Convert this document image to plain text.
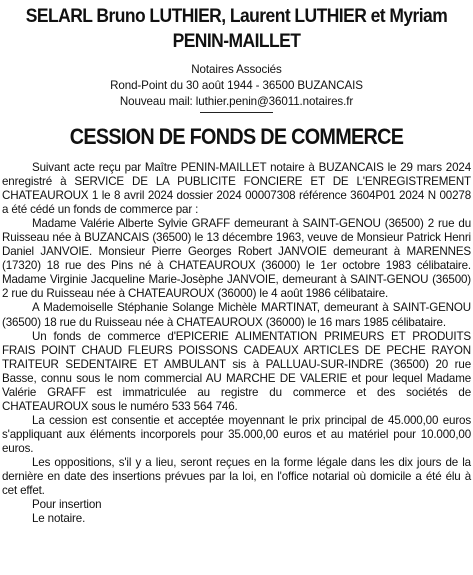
SELARL Bruno LUTHIER, Laurent LUTHIER et Myriam PENIN-MAILLET
Notaires Associés
Rond-Point du 30 août 1944 - 36500 BUZANCAIS
Nouveau mail: luthier.penin@36011.notaires.fr
CESSION DE FONDS DE COMMERCE

Suivant acte reçu par Maître PENIN-MAILLET notaire à BUZANCAIS le 29 mars 2024 enregistré à SERVICE DE LA PUBLICITE FONCIERE ET DE L'ENREGISTREMENT CHATEAUROUX 1 le 8 avril 2024 dossier 2024 00007308 référence 3604P01 2024 N 00278 a été cédé un fonds de commerce par :

Madame Valérie Alberte Sylvie GRAFF demeurant à SAINT-GENOU (36500) 2 rue du Ruisseau née à BUZANCAIS (36500) le 13 décembre 1963, veuve de Monsieur Patrick Henri Daniel JANVOIE. Monsieur Pierre Georges Robert JANVOIE demeurant à MARENNES (17320) 18 rue des Pins né à CHATEAUROUX (36000) le 1er octobre 1983 célibataire. Madame Virginie Jacqueline Marie-Josèphe JANVOIE, demeurant à SAINT-GENOU (36500) 2 rue du Ruisseau née à CHATEAUROUX (36000) le 4 août 1986 célibataire.

A Mademoiselle Stéphanie Solange Michèle MARTINAT, demeurant à SAINT-GENOU (36500) 18 rue du Ruisseau née à CHATEAUROUX (36000) le 16 mars 1985 célibataire.

Un fonds de commerce d'EPICERIE ALIMENTATION PRIMEURS ET PRODUITS FRAIS POINT CHAUD FLEURS POISSONS CADEAUX ARTICLES DE PECHE RAYON TRAITEUR SEDENTAIRE ET AMBULANT sis à PALLUAU-SUR-INDRE (36500) 20 rue Basse, connu sous le nom commercial AU MARCHE DE VALERIE et pour lequel Madame Valérie GRAFF est immatriculée au registre du commerce et des sociétés de CHATEAUROUX sous le numéro 533 564 746.

La cession est consentie et acceptée moyennant le prix principal de 45.000,00 euros s'appliquant aux éléments incorporels pour 35.000,00 euros et au matériel pour 10.000,00 euros.

Les oppositions, s'il y a lieu, seront reçues en la forme légale dans les dix jours de la dernière en date des insertions prévues par la loi, en l'office notarial où domicile a été élu à cet effet.

Pour insertion

Le notaire.
